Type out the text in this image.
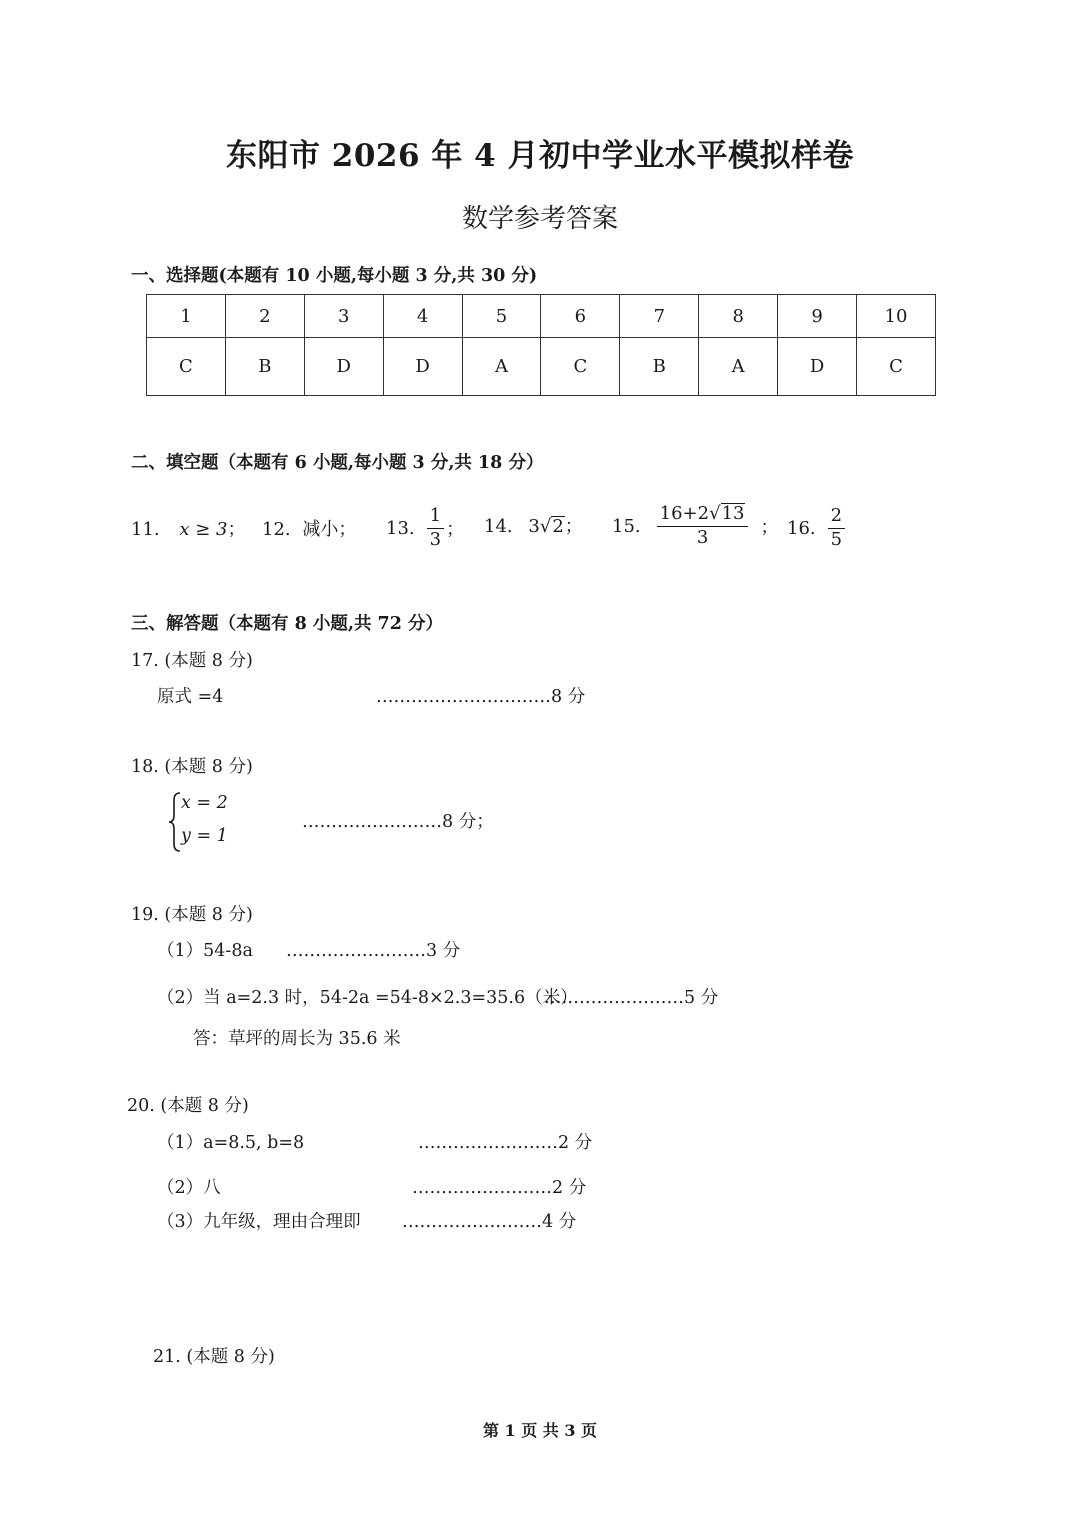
东阳市 2026 年 4 月初中学业水平模拟样卷
数学参考答案
一、选择题(本题有 10 小题,每小题 3 分,共 30 分)
1	2	3	4	5	6	7	8	9	10
C	B	D	D	A	C	B	A	D	C
二、填空题（本题有 6 小题,每小题 3 分,共 18 分）
11. x ≥ 3； 12. 减小； 13. $\frac{1}{3}$ ； 14. 3√2； 15. $\frac{16+2√13}{3}$ ； 16. $\frac{2}{5}$
三、解答题（本题有 8 小题,共 72 分）
17. (本题 8 分)
原式 =4	…………………………8 分
18. (本题 8 分)
x = 2
y = 1
……………………8 分；
19. (本题 8 分)
（1）54-8a ……………………3 分
（2）当 a=2.3 时，54-2a =54-8×2.3=35.6（米）
……………………5 分
答：草坪的周长为 35.6 米
20. (本题 8 分)
（1）a=8.5, b=8	……………………2 分
（2）八	……………………2 分
（3）九年级，理由合理即 ……………………4 分
21. (本题 8 分)
第 1 页 共 3 页
